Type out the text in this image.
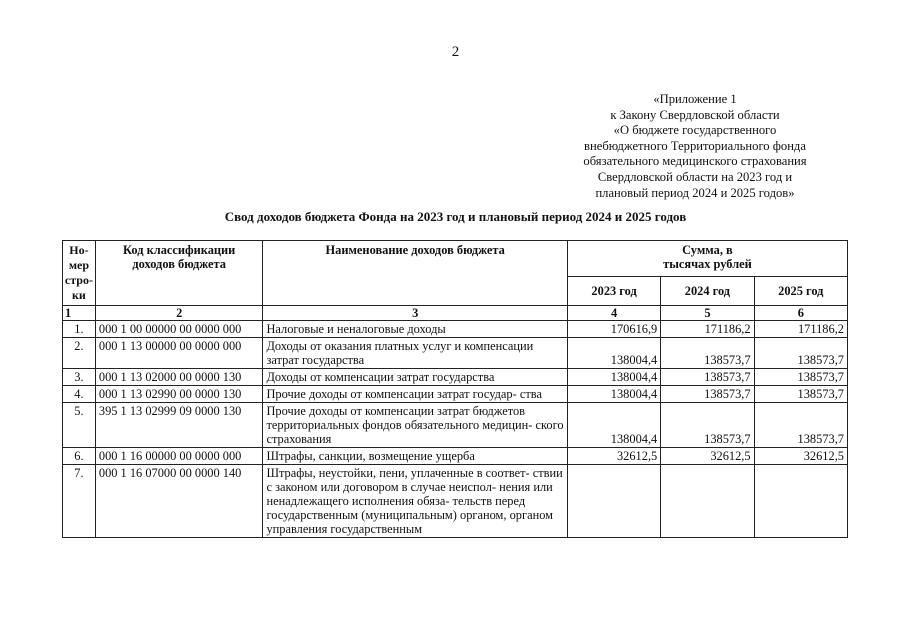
2
«Приложение 1
к Закону Свердловской области
«О бюджете государственного
внебюджетного Территориального фонда
обязательного медицинского страхования
Свердловской области на 2023 год и
плановый период 2024 и 2025 годов»
Свод доходов бюджета Фонда на 2023 год и плановый период 2024 и 2025 годов
Но- мер стро- ки	Код классификации доходов бюджета	Наименование доходов бюджета	Сумма, в тысячах рублей		
			2023 год	2024 год	2025 год
1	2	3	4	5	6
1.	000 1 00 00000 00 0000 000	Налоговые и неналоговые доходы	170616,9	171186,2	171186,2
2.	000 1 13 00000 00 0000 000	Доходы от оказания платных услуг и компенсации затрат государства	138004,4	138573,7	138573,7
3.	000 1 13 02000 00 0000 130	Доходы от компенсации затрат государства	138004,4	138573,7	138573,7
4.	000 1 13 02990 00 0000 130	Прочие доходы от компенсации затрат государ- ства	138004,4	138573,7	138573,7
5.	395 1 13 02999 09 0000 130	Прочие доходы от компенсации затрат бюджетов территориальных фондов обязательного медицин- ского страхования	138004,4	138573,7	138573,7
6.	000 1 16 00000 00 0000 000	Штрафы, санкции, возмещение ущерба	32612,5	32612,5	32612,5
7.	000 1 16 07000 00 0000 140	Штрафы, неустойки, пени, уплаченные в соответ- ствии с законом или договором в случае неиспол- нения или ненадлежащего исполнения обяза- тельств перед государственным (муниципальным) органом, органом управления государственным			
